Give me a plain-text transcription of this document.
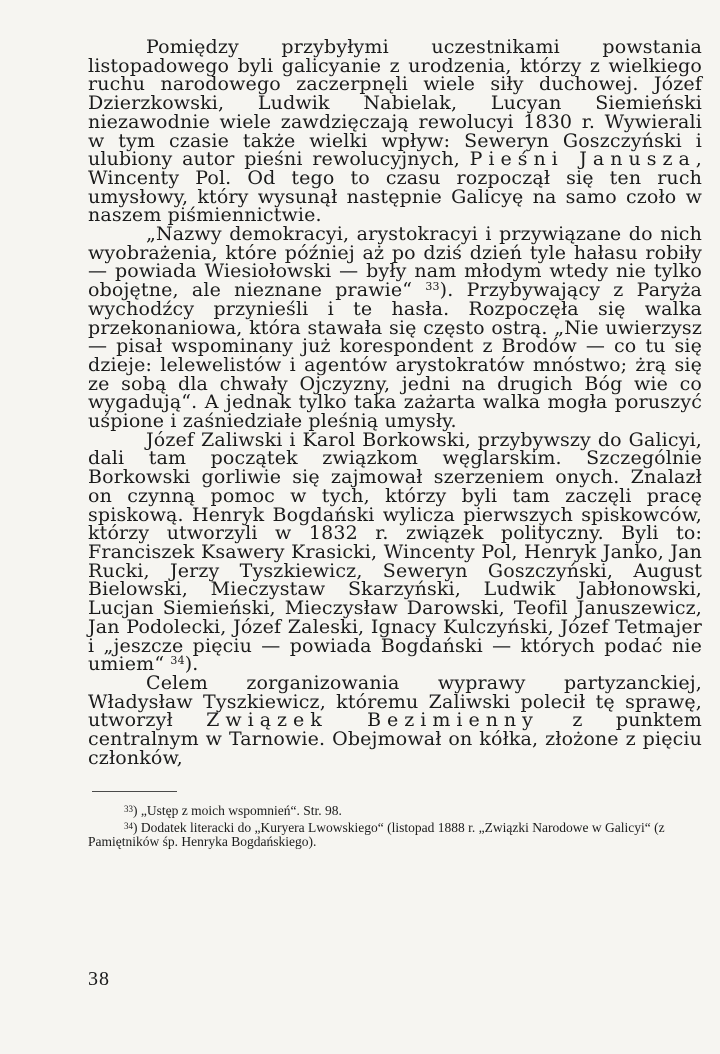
Pomiędzy przybyłymi uczestnikami powstania listopadowego byli galicyanie z urodzenia, którzy z wielkiego ruchu narodowego zaczerpnęli wiele siły duchowej. Józef Dzierzkowski, Ludwik Nabielak, Lucyan Siemieński niezawodnie wiele zawdzięczają rewolucyi 1830 r. Wywierali w tym czasie także wielki wpływ: Seweryn Goszczyński i ulubiony autor pieśni rewolucyjnych, Pieśni Janusza, Wincenty Pol. Od tego to czasu rozpoczął się ten ruch umysłowy, który wysunął następnie Galicyę na samo czoło w naszem piśmiennictwie.

„Nazwy demokracyi, arystokracyi i przywiązane do nich wyobrażenia, które później aż po dziś dzień tyle hałasu robiły — powiada Wiesiołowski — były nam młodym wtedy nie tylko obojętne, ale nieznane prawie“ $^{33}$). Przybywający z Paryża wychodźcy przynieśli i te hasła. Rozpoczęła się walka przekonaniowa, która stawała się często ostrą. „Nie uwierzysz — pisał wspominany już korespondent z Brodów — co tu się dzieje: lelewelistów i agentów arystokratów mnóstwo; żrą się ze sobą dla chwały Ojczyzny, jedni na drugich Bóg wie co wygadują“. A jednak tylko taka zażarta walka mogła poruszyć uśpione i zaśniedziałe pleśnią umysły.

Józef Zaliwski i Karol Borkowski, przybywszy do Galicyi, dali tam początek związkom węglarskim. Szczególnie Borkowski gorliwie się zajmował szerzeniem onych. Znalazł on czynną pomoc w tych, którzy byli tam zaczęli pracę spiskową. Henryk Bogdański wylicza pierwszych spiskowców, którzy utworzyli w 1832 r. związek polityczny. Byli to: Franciszek Ksawery Krasicki, Wincenty Pol, Henryk Janko, Jan Rucki, Jerzy Tyszkiewicz, Seweryn Goszczyński, August Bielowski, Mieczystaw Skarzyński, Ludwik Jabłonowski, Lucjan Siemieński, Mieczysław Darowski, Teofil Januszewicz, Jan Podolecki, Józef Zaleski, Ignacy Kulczyński, Józef Tetmajer i „jeszcze pięciu — powiada Bogdański — których podać nie umiem“ $^{34}$).

Celem zorganizowania wyprawy partyzanckiej, Władysław Tyszkiewicz, któremu Zaliwski polecił tę sprawę, utworzył Związek Bezimienny z punktem centralnym w Tarnowie. Obejmował on kółka, złożone z pięciu członków,

$^{33}$) „Ustęp z moich wspomnień“. Str. 98.

$^{34}$) Dodatek literacki do „Kuryera Lwowskiego“ (listopad 1888 r. „Związki Narodowe w Galicyi“ (z Pamiętników śp. Henryka Bogdańskiego).

38
